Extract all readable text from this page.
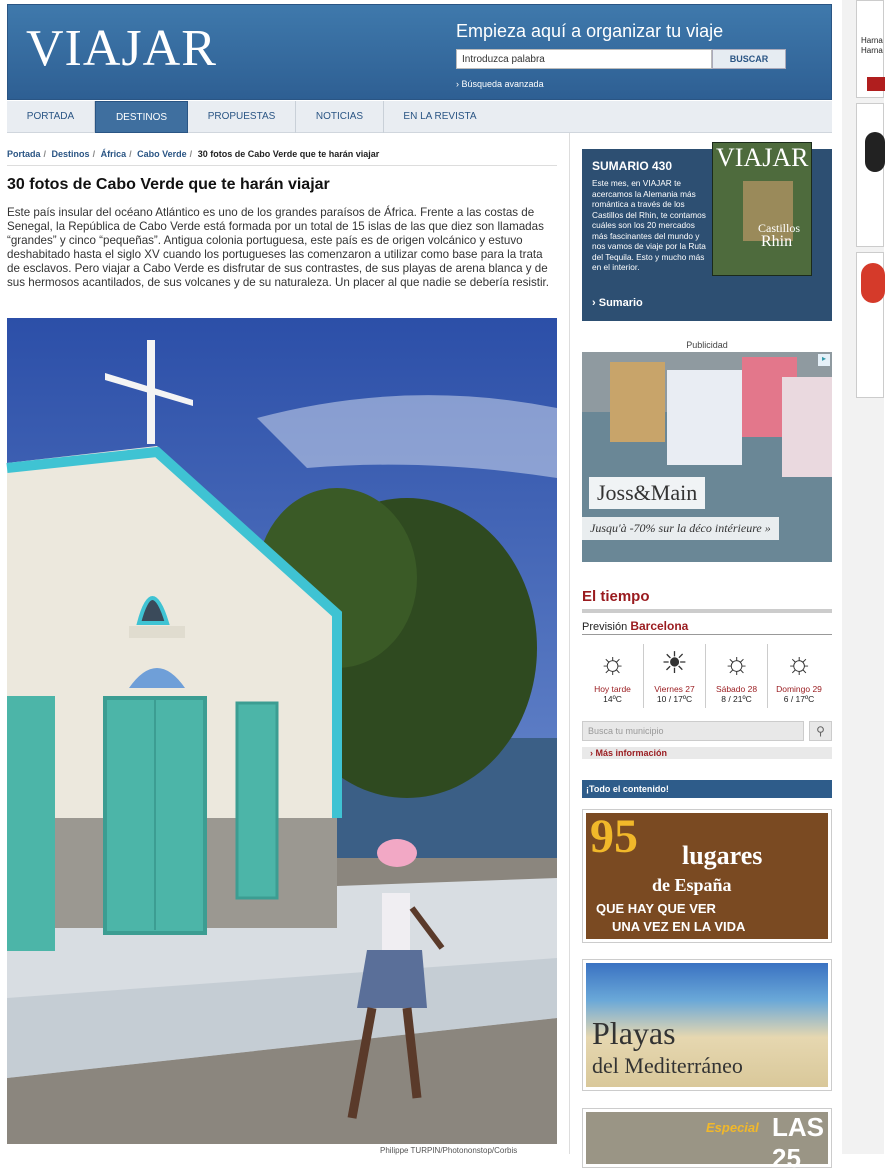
VIAJAR	Empieza aquí a organizar tu viaje
Introduzca palabra	BUSCAR
› Búsqueda avanzada
PORTADA	DESTINOS	PROPUESTAS	NOTICIAS	EN LA REVISTA
Portada / Destinos / África / Cabo Verde / 30 fotos de Cabo Verde que te harán viajar
30 fotos de Cabo Verde que te harán viajar

Este país insular del océano Atlántico es uno de los grandes paraísos de África. Frente a las costas de Senegal, la República de Cabo Verde está formada por un total de 15 islas de las que diez son llamadas “grandes” y cinco “pequeñas”. Antigua colonia portuguesa, este país es de origen volcánico y estuvo deshabitado hasta el siglo XV cuando los portugueses las comenzaron a utilizar como base para la trata de esclavos. Pero viajar a Cabo Verde es disfrutar de sus contrastes, de sus playas de arena blanca y de sus hermosos acantilados, de sus volcanes y de su naturaleza. Un placer al que nadie se debería resistir.

Philippe TURPIN/Photononstop/Corbis
SUMARIO 430
Este mes, en VIAJAR te acercamos la Alemania más romántica a través de los Castillos del Rhin, te contamos cuáles son los 20 mercados más fascinantes del mundo y nos vamos de viaje por la Ruta del Tequila. Esto y mucho más en el interior.
› Sumario
VIAJAR
Castillos
Rhin
Publicidad
Joss&Main
Jusqu'à -70% sur la déco intérieure »
▸
El tiempo
Previsión Barcelona
☼
Hoy tarde
14ºC
☀
Viernes 27
10 / 17ºC
☼
Sábado 28
8 / 21ºC
☼
Domingo 29
6 / 17ºC
Busca tu municipio	⚲
› Más información
¡Todo el contenido!
95 lugares
de España
QUE HAY QUE VER
UNA VEZ EN LA VIDA
Playas
del Mediterráneo
Especial LAS 25
Harna
Harna
